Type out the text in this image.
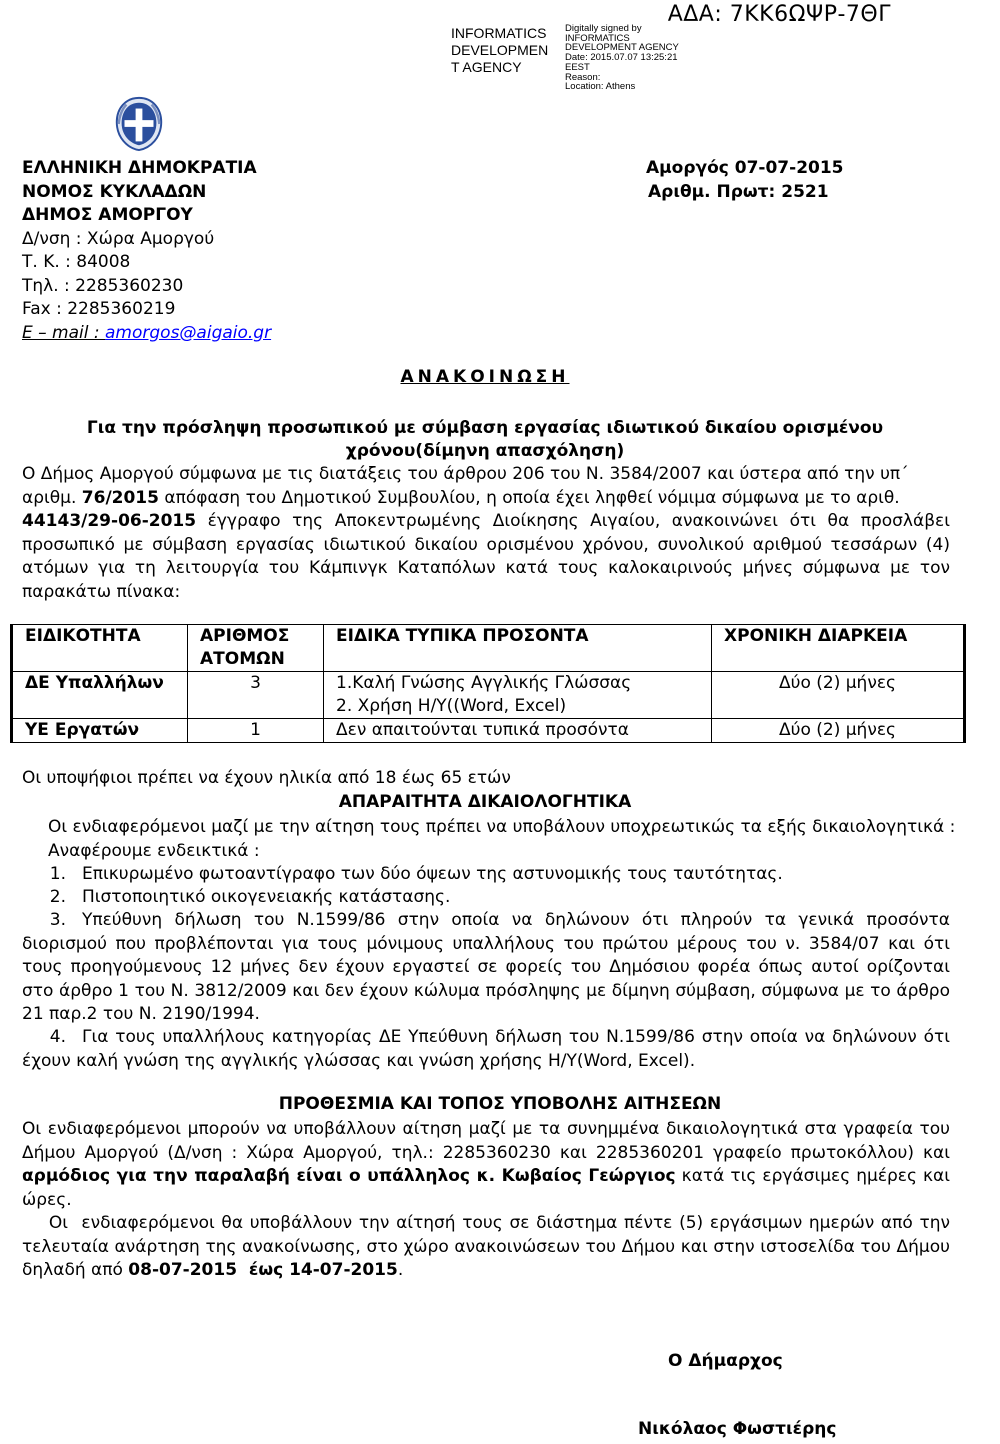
ΑΔΑ: 7ΚΚ6ΩΨΡ-7ΘΓ
INFORMATICS
DEVELOPMEN
T AGENCY
Digitally signed by
INFORMATICS
DEVELOPMENT AGENCY
Date: 2015.07.07 13:25:21
EEST
Reason:
Location: Athens
ΕΛΛΗΝΙΚΗ ΔΗΜΟΚΡΑΤΙΑ
ΝΟΜΟΣ ΚΥΚΛΑΔΩΝ
ΔΗΜΟΣ ΑΜΟΡΓΟΥ
Δ/νση : Χώρα Αμοργού
Τ. Κ. : 84008
Τηλ. : 2285360230
Fax : 2285360219
E – mail : amorgos@aigaio.gr
Αμοργός 07-07-2015
Αριθμ. Πρωτ: 2521
ΑΝΑΚΟΙΝΩΣΗ
Για την πρόσληψη προσωπικού με σύμβαση εργασίας ιδιωτικού δικαίου ορισμένου
χρόνου(δίμηνη απασχόληση)
Ο Δήμος Αμοργού σύμφωνα με τις διατάξεις του άρθρου 206 του Ν. 3584/2007 και ύστερα από την υπ΄
αριθμ. 76/2015 απόφαση του Δημοτικού Συμβουλίου, η οποία έχει ληφθεί νόμιμα σύμφωνα με το αριθ.
44143/29-06-2015 έγγραφο της Αποκεντρωμένης Διοίκησης Αιγαίου, ανακοινώνει ότι θα προσλάβει προσωπικό με σύμβαση εργασίας ιδιωτικού δικαίου ορισμένου χρόνου, συνολικού αριθμού τεσσάρων (4) ατόμων για τη λειτουργία του Κάμπινγκ Καταπόλων κατά τους καλοκαιρινούς μήνες σύμφωνα με τον παρακάτω πίνακα:
ΕΙΔΙΚΟΤΗΤΑ	ΑΡΙΘΜΟΣ ΑΤΟΜΩΝ	ΕΙΔΙΚΑ ΤΥΠΙΚΑ ΠΡΟΣΟΝΤΑ	ΧΡΟΝΙΚΗ ΔΙΑΡΚΕΙΑ
ΔΕ Υπαλλήλων	3	1.Καλή Γνώσης Αγγλικής Γλώσσας
2. Χρήση Η/Υ((Word, Excel)	Δύο (2) μήνες
ΥΕ Εργατών	1	Δεν απαιτούνται τυπικά προσόντα	Δύο (2) μήνες
Οι υποψήφιοι πρέπει να έχουν ηλικία από 18 έως 65 ετών
ΑΠΑΡΑΙΤΗΤΑ ΔΙΚΑΙΟΛΟΓΗΤΙΚΑ
Οι ενδιαφερόμενοι μαζί με την αίτηση τους πρέπει να υποβάλουν υποχρεωτικώς τα εξής δικαιολογητικά :
Αναφέρουμε ενδεικτικά :
1. Επικυρωμένο φωτοαντίγραφο των δύο όψεων της αστυνομικής τους ταυτότητας.
2. Πιστοποιητικό οικογενειακής κατάστασης.
3. Υπεύθυνη δήλωση του Ν.1599/86 στην οποία να δηλώνουν ότι πληρούν τα γενικά προσόντα διορισμού που προβλέπονται για τους μόνιμους υπαλλήλους του πρώτου μέρους του ν. 3584/07 και ότι τους προηγούμενους 12 μήνες δεν έχουν εργαστεί σε φορείς του Δημόσιου φορέα όπως αυτοί ορίζονται στο άρθρο 1 του Ν. 3812/2009 και δεν έχουν κώλυμα πρόσληψης με δίμηνη σύμβαση, σύμφωνα με το άρθρο 21 παρ.2 του Ν. 2190/1994.
4. Για τους υπαλλήλους κατηγορίας ΔΕ Υπεύθυνη δήλωση του Ν.1599/86 στην οποία να δηλώνουν ότι έχουν καλή γνώση της αγγλικής γλώσσας και γνώση χρήσης Η/Υ(Word, Excel).
ΠΡΟΘΕΣΜΙΑ ΚΑΙ ΤΟΠΟΣ ΥΠΟΒΟΛΗΣ ΑΙΤΗΣΕΩΝ
Οι ενδιαφερόμενοι μπορούν να υποβάλλουν αίτηση μαζί με τα συνημμένα δικαιολογητικά στα γραφεία του Δήμου Αμοργού (Δ/νση : Χώρα Αμοργού, τηλ.: 2285360230 και 2285360201 γραφείο πρωτοκόλλου) και αρμόδιος για την παραλαβή είναι ο υπάλληλος κ. Κωβαίος Γεώργιος κατά τις εργάσιμες ημέρες και ώρες.
Οι  ενδιαφερόμενοι θα υποβάλλουν την αίτησή τους σε διάστημα πέντε (5) εργάσιμων ημερών από την τελευταία ανάρτηση της ανακοίνωσης, στο χώρο ανακοινώσεων του Δήμου και στην ιστοσελίδα του Δήμου δηλαδή από 08-07-2015  έως 14-07-2015.
Ο Δήμαρχος
Νικόλαος Φωστιέρης
